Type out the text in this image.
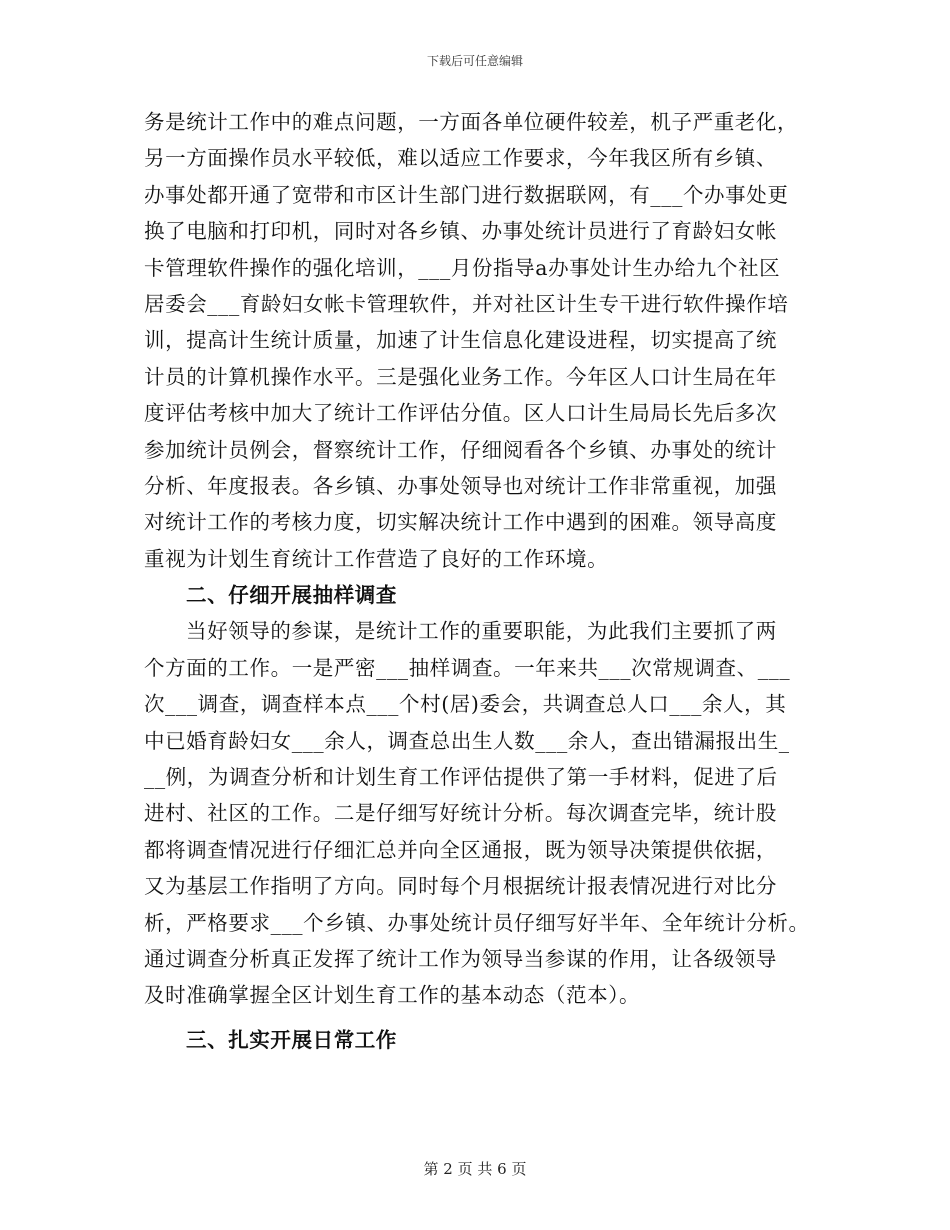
下载后可任意编辑
务是统计工作中的难点问题，一方面各单位硬件较差，机子严重老化，
另一方面操作员水平较低，难以适应工作要求，今年我区所有乡镇、
办事处都开通了宽带和市区计生部门进行数据联网，有___个办事处更
换了电脑和打印机，同时对各乡镇、办事处统计员进行了育龄妇女帐
卡管理软件操作的强化培训，___月份指导a办事处计生办给九个社区
居委会___育龄妇女帐卡管理软件，并对社区计生专干进行软件操作培
训，提高计生统计质量，加速了计生信息化建设进程，切实提高了统
计员的计算机操作水平。三是强化业务工作。今年区人口计生局在年
度评估考核中加大了统计工作评估分值。区人口计生局局长先后多次
参加统计员例会，督察统计工作，仔细阅看各个乡镇、办事处的统计
分析、年度报表。各乡镇、办事处领导也对统计工作非常重视，加强
对统计工作的考核力度，切实解决统计工作中遇到的困难。领导高度
重视为计划生育统计工作营造了良好的工作环境。
二、仔细开展抽样调查
当好领导的参谋，是统计工作的重要职能，为此我们主要抓了两
个方面的工作。一是严密___抽样调查。一年来共___次常规调查、___
次___调查，调查样本点___个村(居)委会，共调查总人口___余人，其
中已婚育龄妇女___余人，调查总出生人数___余人，查出错漏报出生_
__例，为调查分析和计划生育工作评估提供了第一手材料，促进了后
进村、社区的工作。二是仔细写好统计分析。每次调查完毕，统计股
都将调查情况进行仔细汇总并向全区通报，既为领导决策提供依据，
又为基层工作指明了方向。同时每个月根据统计报表情况进行对比分
析，严格要求___个乡镇、办事处统计员仔细写好半年、全年统计分析。
通过调查分析真正发挥了统计工作为领导当参谋的作用，让各级领导
及时准确掌握全区计划生育工作的基本动态（范本）。
三、扎实开展日常工作
第 2 页 共 6 页
